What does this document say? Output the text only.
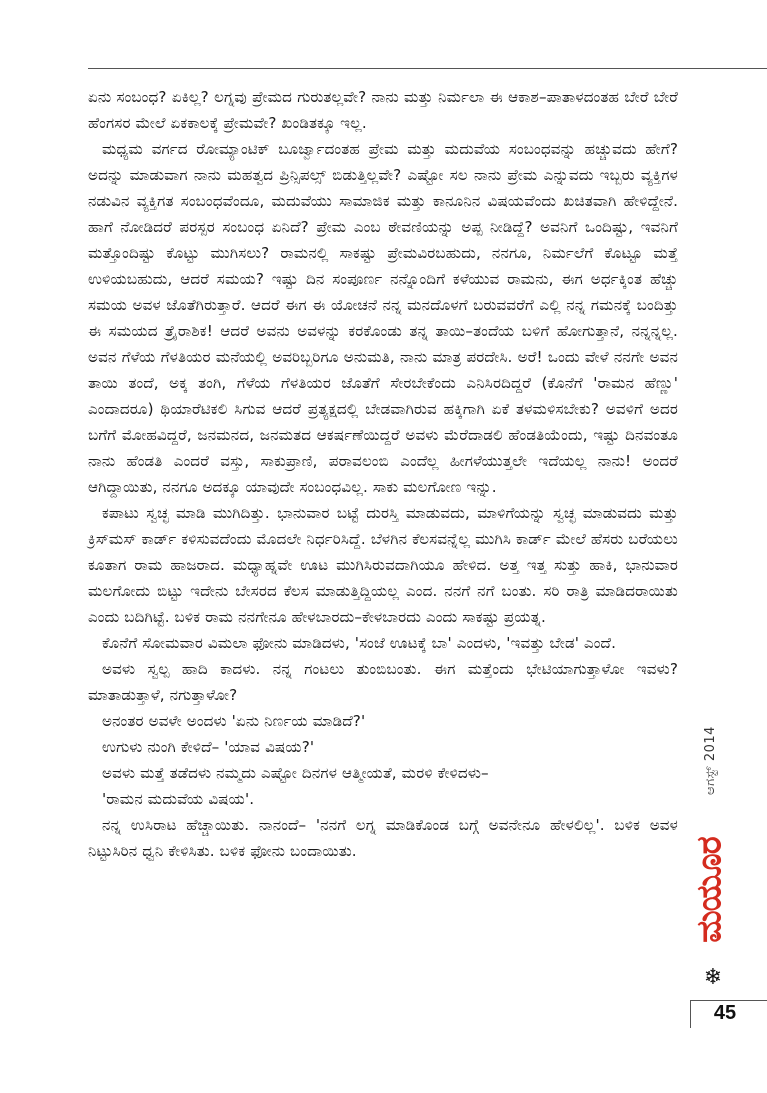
ಏನು ಸಂಬಂಧ? ಏಕಿಲ್ಲ? ಲಗ್ನವು ಪ್ರೇಮದ ಗುರುತಲ್ಲವೇ? ನಾನು ಮತ್ತು ನಿರ್ಮಲಾ ಈ ಆಕಾಶ–ಪಾತಾಳದಂತಹ ಬೇರೆ ಬೇರೆ ಹೆಂಗಸರ ಮೇಲೆ ಏಕಕಾಲಕ್ಕೆ ಪ್ರೇಮವೇ? ಖಂಡಿತಕ್ಕೂ ಇಲ್ಲ.

ಮಧ್ಯಮ ವರ್ಗದ ರೋಮ್ಯಾಂಟಿಕ್ ಬೂರ್ಜ್ವಾದಂತಹ ಪ್ರೇಮ ಮತ್ತು ಮದುವೆಯ ಸಂಬಂಧವನ್ನು ಹಚ್ಚುವದು ಹೇಗೆ? ಅದನ್ನು ಮಾಡುವಾಗ ನಾನು ಮಹತ್ವದ ಪ್ರಿನ್ಸಿಪಲ್ಸ್ ಬಿಡುತ್ತಿಲ್ಲವೇ? ಎಷ್ಟೋ ಸಲ ನಾನು ಪ್ರೇಮ ಎನ್ನುವದು ಇಬ್ಬರು ವ್ಯಕ್ತಿಗಳ ನಡುವಿನ ವ್ಯಕ್ತಿಗತ ಸಂಬಂಧವೆಂದೂ, ಮದುವೆಯು ಸಾಮಾಜಿಕ ಮತ್ತು ಕಾನೂನಿನ ವಿಷಯವೆಂದು ಖಚಿತವಾಗಿ ಹೇಳಿದ್ದೇನೆ. ಹಾಗೆ ನೋಡಿದರೆ ಪರಸ್ಪರ ಸಂಬಂಧ ಏನಿದೆ? ಪ್ರೇಮ ಎಂಬ ಠೇವಣಿಯನ್ನು ಅಪ್ಪ ನೀಡಿದ್ದೆ? ಅವನಿಗೆ ಒಂದಿಷ್ಟು, ಇವನಿಗೆ ಮತ್ತೊಂದಿಷ್ಟು ಕೊಟ್ಟು ಮುಗಿಸಲು? ರಾಮನಲ್ಲಿ ಸಾಕಷ್ಟು ಪ್ರೇಮವಿರಬಹುದು, ನನಗೂ, ನಿರ್ಮಲೆಗೆ ಕೊಟ್ಟೂ ಮತ್ತೆ ಉಳಿಯಬಹುದು, ಆದರೆ ಸಮಯ? ಇಷ್ಟು ದಿನ ಸಂಪೂರ್ಣ ನನ್ನೊಂದಿಗೆ ಕಳೆಯುವ ರಾಮನು, ಈಗ ಅರ್ಧಕ್ಕಿಂತ ಹೆಚ್ಚು ಸಮಯ ಅವಳ ಜೊತೆಗಿರುತ್ತಾರೆ. ಆದರೆ ಈಗ ಈ ಯೋಚನೆ ನನ್ನ ಮನದೊಳಗೆ ಬರುವವರೆಗೆ ಎಲ್ಲಿ ನನ್ನ ಗಮನಕ್ಕೆ ಬಂದಿತ್ತು ಈ ಸಮಯದ ತ್ರೈರಾಶಿಕ! ಆದರೆ ಅವನು ಅವಳನ್ನು ಕರಕೊಂಡು ತನ್ನ ತಾಯಿ–ತಂದೆಯ ಬಳಿಗೆ ಹೋಗುತ್ತಾನೆ, ನನ್ನನ್ನಲ್ಲ. ಅವನ ಗೆಳೆಯ ಗೆಳತಿಯರ ಮನೆಯಲ್ಲಿ ಅವರಿಬ್ಬರಿಗೂ ಅನುಮತಿ, ನಾನು ಮಾತ್ರ ಪರದೇಸಿ. ಅರೆ! ಒಂದು ವೇಳೆ ನನಗೇ ಅವನ ತಾಯಿ ತಂದೆ, ಅಕ್ಕ ತಂಗಿ, ಗೆಳೆಯ ಗೆಳತಿಯರ ಜೊತೆಗೆ ಸೇರಬೇಕೆಂದು ಎನಿಸಿರದಿದ್ದರೆ (ಕೊನೆಗೆ 'ರಾಮನ ಹೆಣ್ಣು' ಎಂದಾದರೂ) ಥಿಯಾರೆಟಿಕಲಿ ಸಿಗುವ ಆದರೆ ಪ್ರತ್ಯಕ್ಷದಲ್ಲಿ ಬೇಡವಾಗಿರುವ ಹಕ್ಕಿಗಾಗಿ ಏಕೆ ತಳಮಳಿಸಬೇಕು? ಅವಳಿಗೆ ಅದರ ಬಗೆಗೆ ಮೋಹವಿದ್ದರೆ, ಜನಮನದ, ಜನಮತದ ಆಕರ್ಷಣೆಯಿದ್ದರೆ ಅವಳು ಮೆರೆದಾಡಲಿ ಹೆಂಡತಿಯೆಂದು, ಇಷ್ಟು ದಿನವಂತೂ ನಾನು ಹೆಂಡತಿ ಎಂದರೆ ವಸ್ತು, ಸಾಕುಪ್ರಾಣಿ, ಪರಾವಲಂಬಿ ಎಂದೆಲ್ಲ ಹೀಗಳೆಯುತ್ತಲೇ ಇದೆಯಲ್ಲ ನಾನು! ಅಂದರೆ ಆಗಿದ್ದಾಯಿತು, ನನಗೂ ಅದಕ್ಕೂ ಯಾವುದೇ ಸಂಬಂಧವಿಲ್ಲ. ಸಾಕು ಮಲಗೋಣ ಇನ್ನು.

ಕಪಾಟು ಸ್ವಚ್ಛ ಮಾಡಿ ಮುಗಿದಿತ್ತು. ಭಾನುವಾರ ಬಟ್ಟೆ ದುರಸ್ತಿ ಮಾಡುವದು, ಮಾಳಿಗೆಯನ್ನು ಸ್ವಚ್ಛ ಮಾಡುವದು ಮತ್ತು ಕ್ರಿಸ್‌ಮಸ್ ಕಾರ್ಡ್ ಕಳಿಸುವದೆಂದು ಮೊದಲೇ ನಿರ್ಧರಿಸಿದ್ದೆ. ಬೆಳಗಿನ ಕೆಲಸವನ್ನೆಲ್ಲ ಮುಗಿಸಿ ಕಾರ್ಡ್ ಮೇಲೆ ಹೆಸರು ಬರೆಯಲು ಕೂತಾಗ ರಾಮ ಹಾಜರಾದ. ಮಧ್ಯಾಹ್ನವೇ ಊಟ ಮುಗಿಸಿರುವದಾಗಿಯೂ ಹೇಳಿದ. ಅತ್ತ ಇತ್ತ ಸುತ್ತು ಹಾಕಿ, ಭಾನುವಾರ ಮಲಗೋದು ಬಿಟ್ಟು ಇದೇನು ಬೇಸರದ ಕೆಲಸ ಮಾಡುತ್ತಿದ್ದಿಯಲ್ಲ ಎಂದ. ನನಗೆ ನಗೆ ಬಂತು. ಸರಿ ರಾತ್ರಿ ಮಾಡಿದರಾಯಿತು ಎಂದು ಬದಿಗಿಟ್ಟೆ. ಬಳಿಕ ರಾಮ ನನಗೇನೂ ಹೇಳಬಾರದು–ಕೇಳಬಾರದು ಎಂದು ಸಾಕಷ್ಟು ಪ್ರಯತ್ನ.

ಕೊನೆಗೆ ಸೋಮವಾರ ವಿಮಲಾ ಫೋನು ಮಾಡಿದಳು, 'ಸಂಜೆ ಊಟಕ್ಕೆ ಬಾ' ಎಂದಳು, 'ಇವತ್ತು ಬೇಡ' ಎಂದೆ.

ಅವಳು ಸ್ವಲ್ಪ ಹಾದಿ ಕಾದಳು. ನನ್ನ ಗಂಟಲು ತುಂಬಿಬಂತು. ಈಗ ಮತ್ತೆಂದು ಭೇಟಿಯಾಗುತ್ತಾಳೋ ಇವಳು? ಮಾತಾಡುತ್ತಾಳೆ, ನಗುತ್ತಾಳೋ?

ಅನಂತರ ಅವಳೇ ಅಂದಳು 'ಏನು ನಿರ್ಣಯ ಮಾಡಿದೆ?'

ಉಗುಳು ನುಂಗಿ ಕೇಳಿದೆ– 'ಯಾವ ವಿಷಯ?'

ಅವಳು ಮತ್ತೆ ತಡೆದಳು ನಮ್ಮದು ಎಷ್ಟೋ ದಿನಗಳ ಆತ್ಮೀಯತೆ, ಮರಳಿ ಕೇಳಿದಳು–

'ರಾಮನ ಮದುವೆಯ ವಿಷಯ'.

ನನ್ನ ಉಸಿರಾಟ ಹೆಚ್ಚಾಯಿತು. ನಾನಂದೆ– 'ನನಗೆ ಲಗ್ನ ಮಾಡಿಕೊಂಡ ಬಗ್ಗೆ ಅವನೇನೂ ಹೇಳಲಿಲ್ಲ'. ಬಳಿಕ ಅವಳ ನಿಟ್ಟುಸಿರಿನ ಧ್ವನಿ ಕೇಳಿಸಿತು. ಬಳಿಕ ಫೋನು ಬಂದಾಯಿತು.

ಆಗಸ್ಟ್ 2014
ಮಯೂರ
❄
45
